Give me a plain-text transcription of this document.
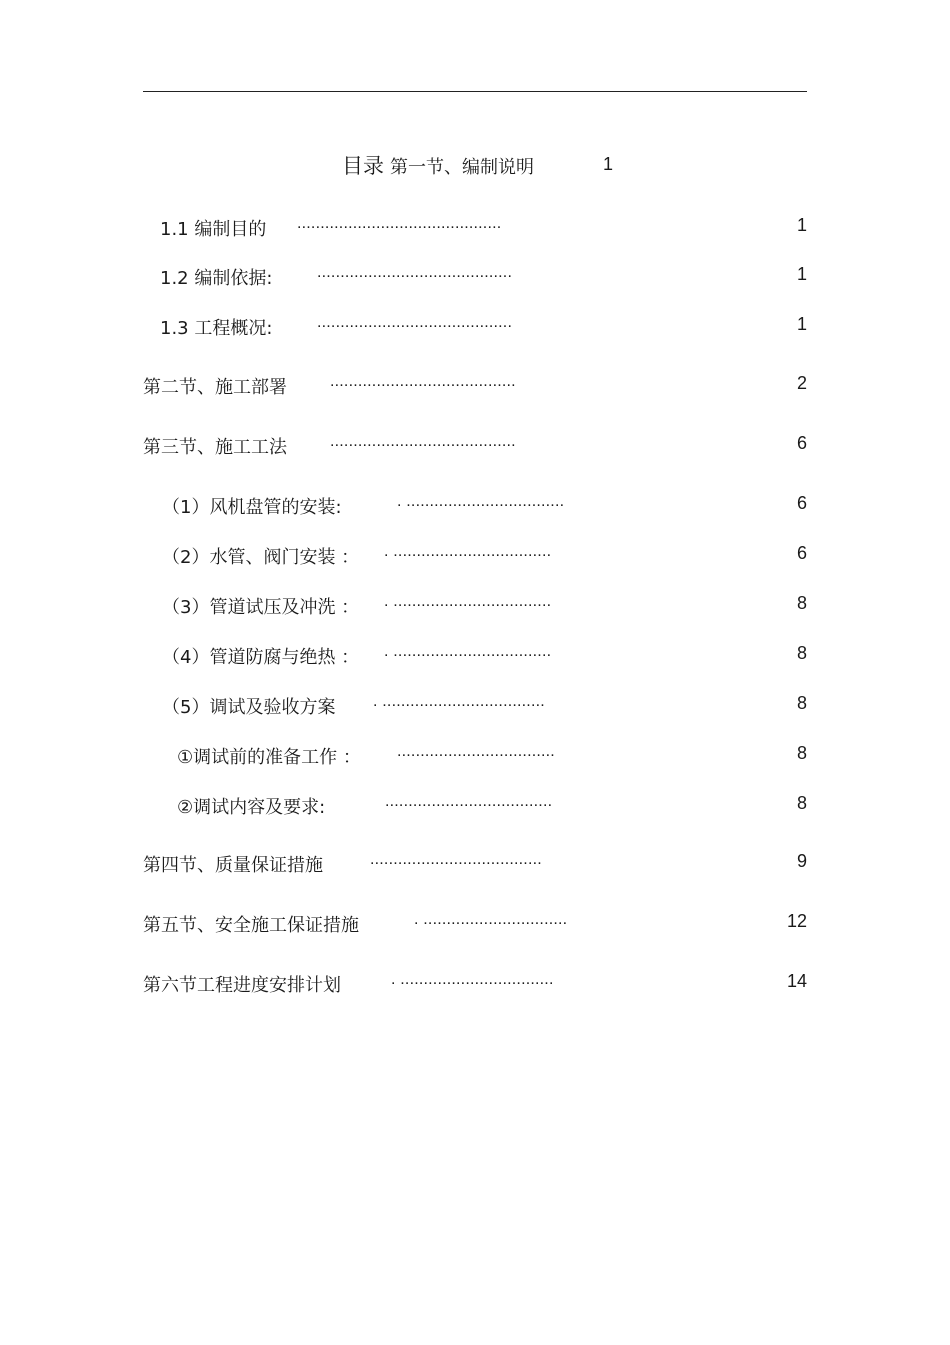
目录 第一节、编制说明	1
1.1 编制目的 ............................................	1
1.2 编制依据:	..........................................	1
1.3 工程概况:	..........................................	1
第二节、施工部署	........................................	2
第三节、施工工法	........................................	6
（1）风机盘管的安装:	. ..................................	6
（2）水管、阀门安装 ： . ..................................	6
（3）管道试压及冲洗 ： . ..................................	8
（4）管道防腐与绝热 ： . ..................................	8
（5）调试及验收方案 . ...................................	8
①调试前的准备工作 ： ..................................	8
②调试内容及要求:	....................................	8
第四节、质量保证措施	.....................................	9
第五节、安全施工保证措施	. ...............................	12
第六节工程进度安排计划	. .................................	14
